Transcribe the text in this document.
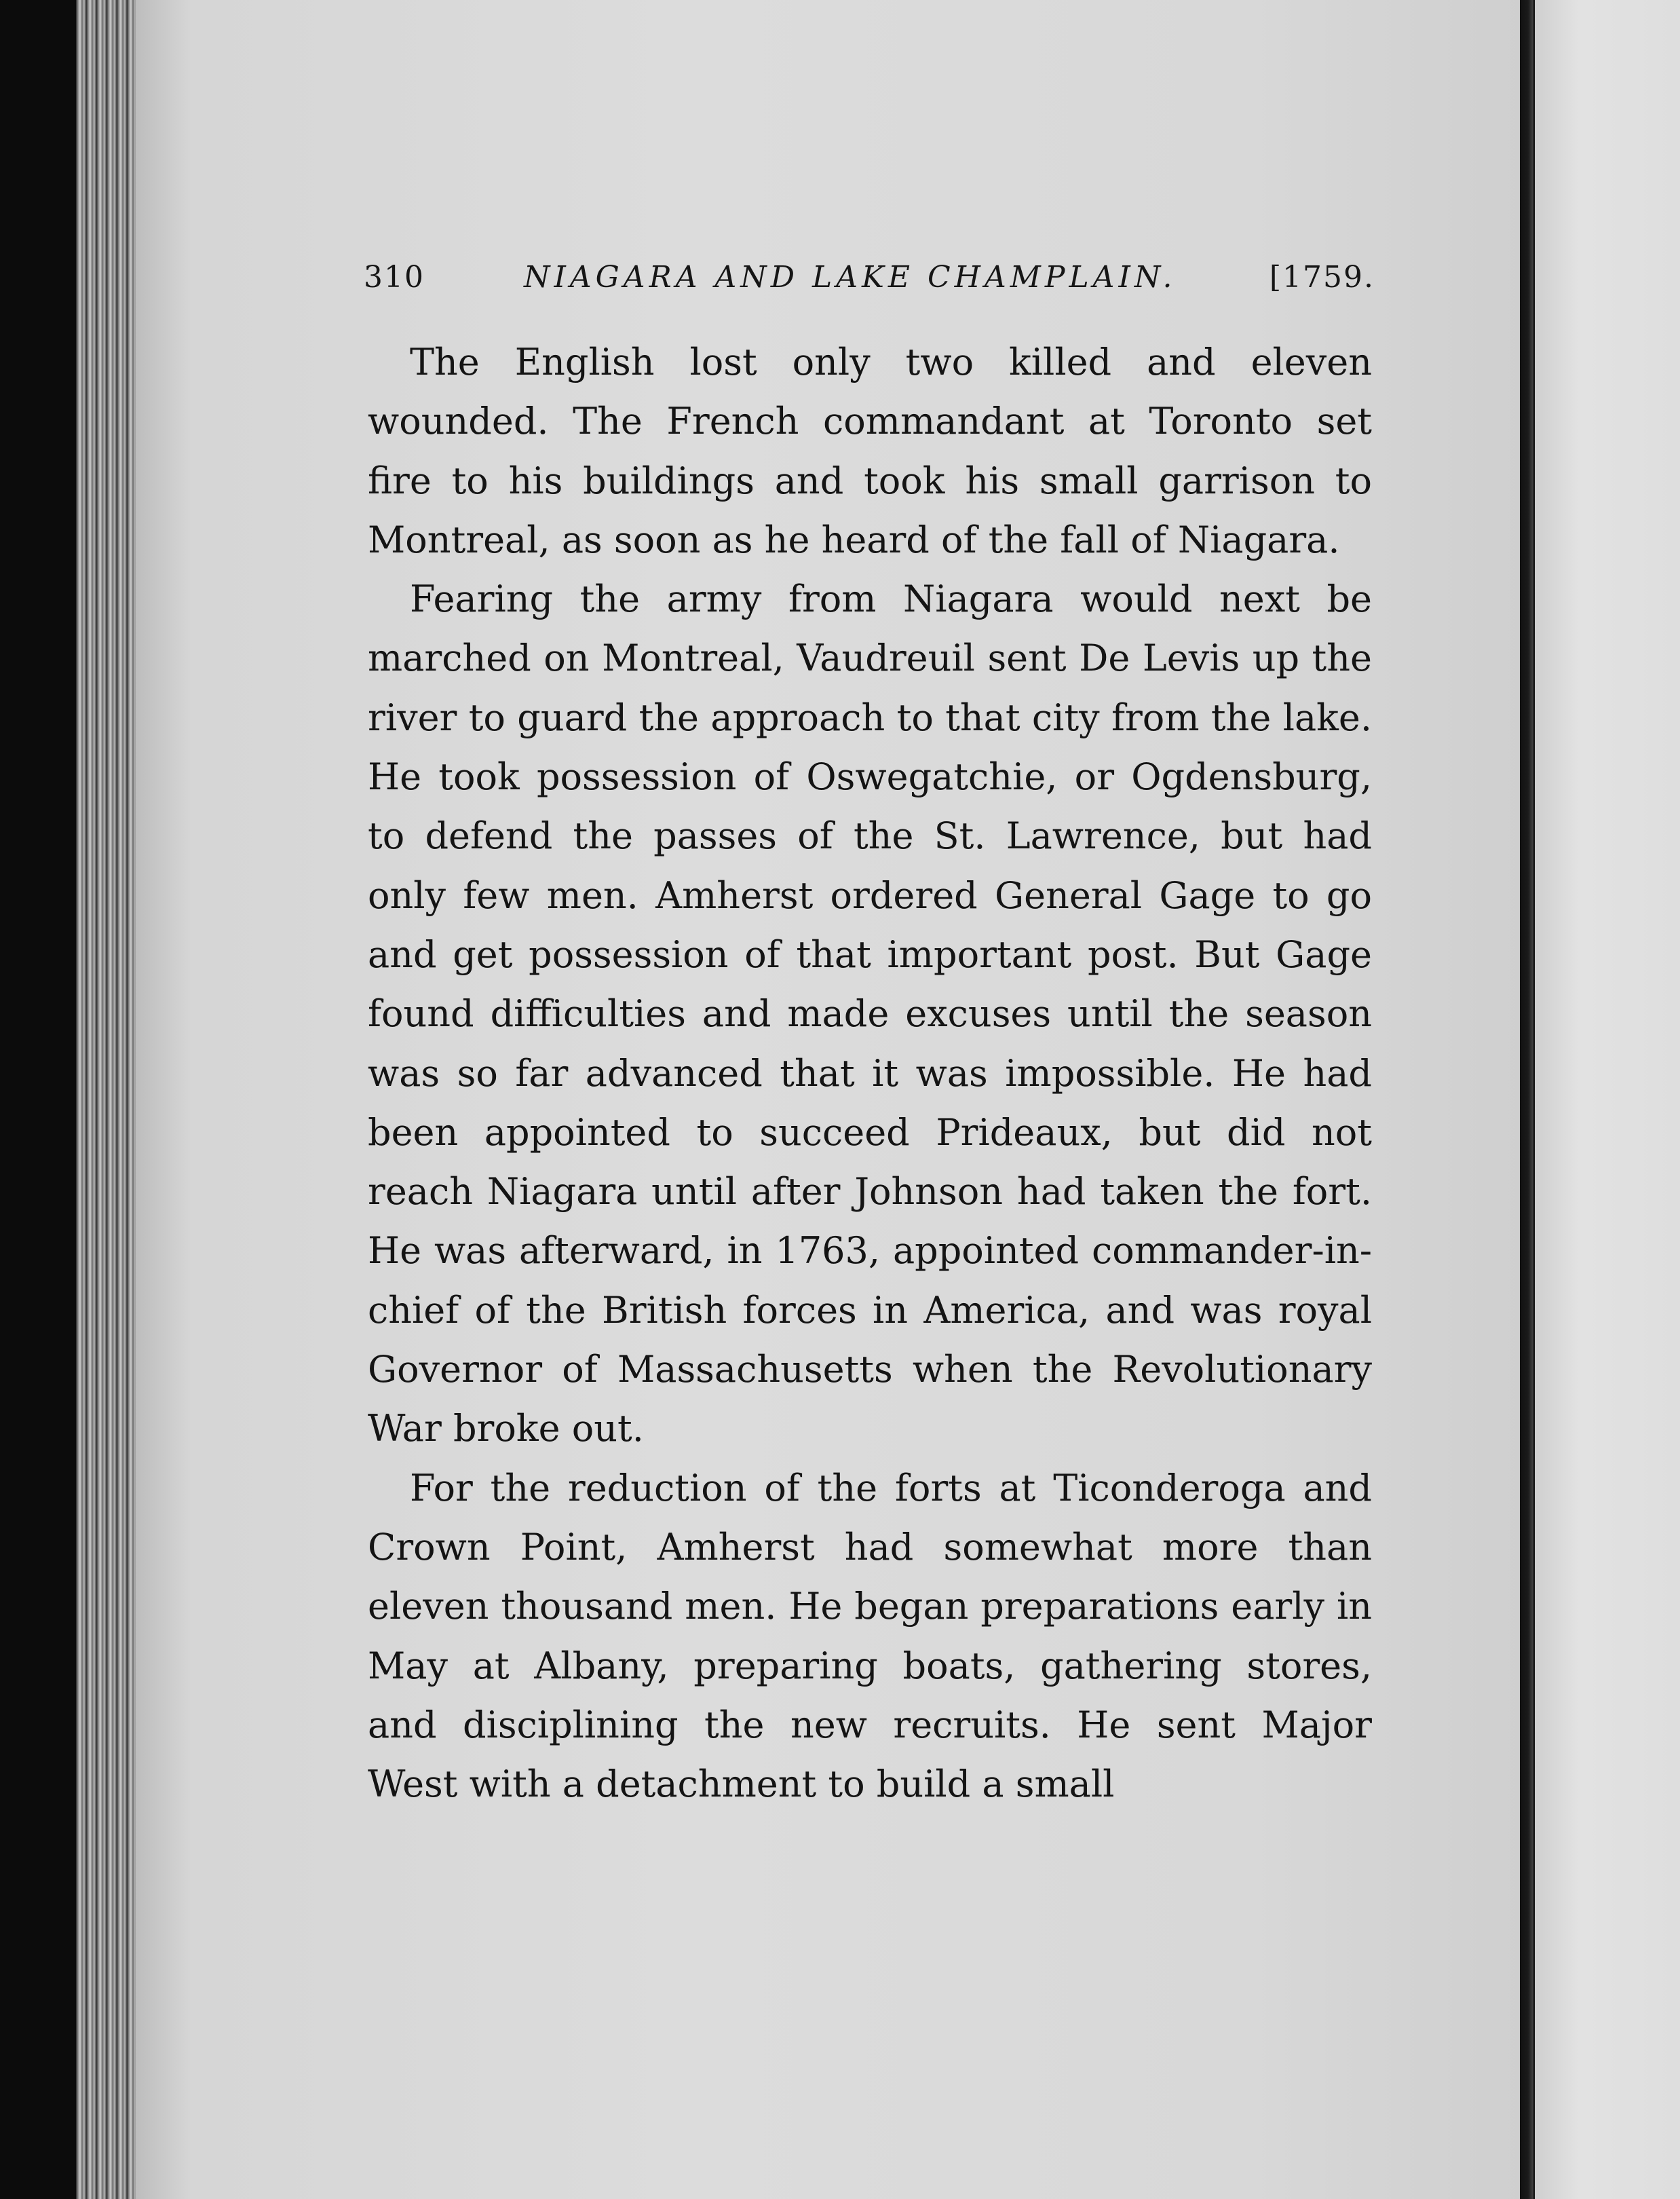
310	NIAGARA AND LAKE CHAMPLAIN.	[1759.

The English lost only two killed and eleven wounded. The French commandant at Toronto set fire to his buildings and took his small garrison to Montreal, as soon as he heard of the fall of Niagara.

Fearing the army from Niagara would next be marched on Montreal, Vaudreuil sent De Levis up the river to guard the approach to that city from the lake. He took possession of Oswegatchie, or Ogdensburg, to defend the passes of the St. Lawrence, but had only few men. Amherst ordered General Gage to go and get possession of that important post. But Gage found difficulties and made excuses until the season was so far advanced that it was impossible. He had been appointed to succeed Prideaux, but did not reach Niagara until after Johnson had taken the fort. He was afterward, in 1763, appointed commander-in-chief of the British forces in America, and was royal Governor of Massachusetts when the Revolutionary War broke out.

For the reduction of the forts at Ticonderoga and Crown Point, Amherst had somewhat more than eleven thousand men. He began preparations early in May at Albany, preparing boats, gathering stores, and disciplining the new recruits. He sent Major West with a detachment to build a small
